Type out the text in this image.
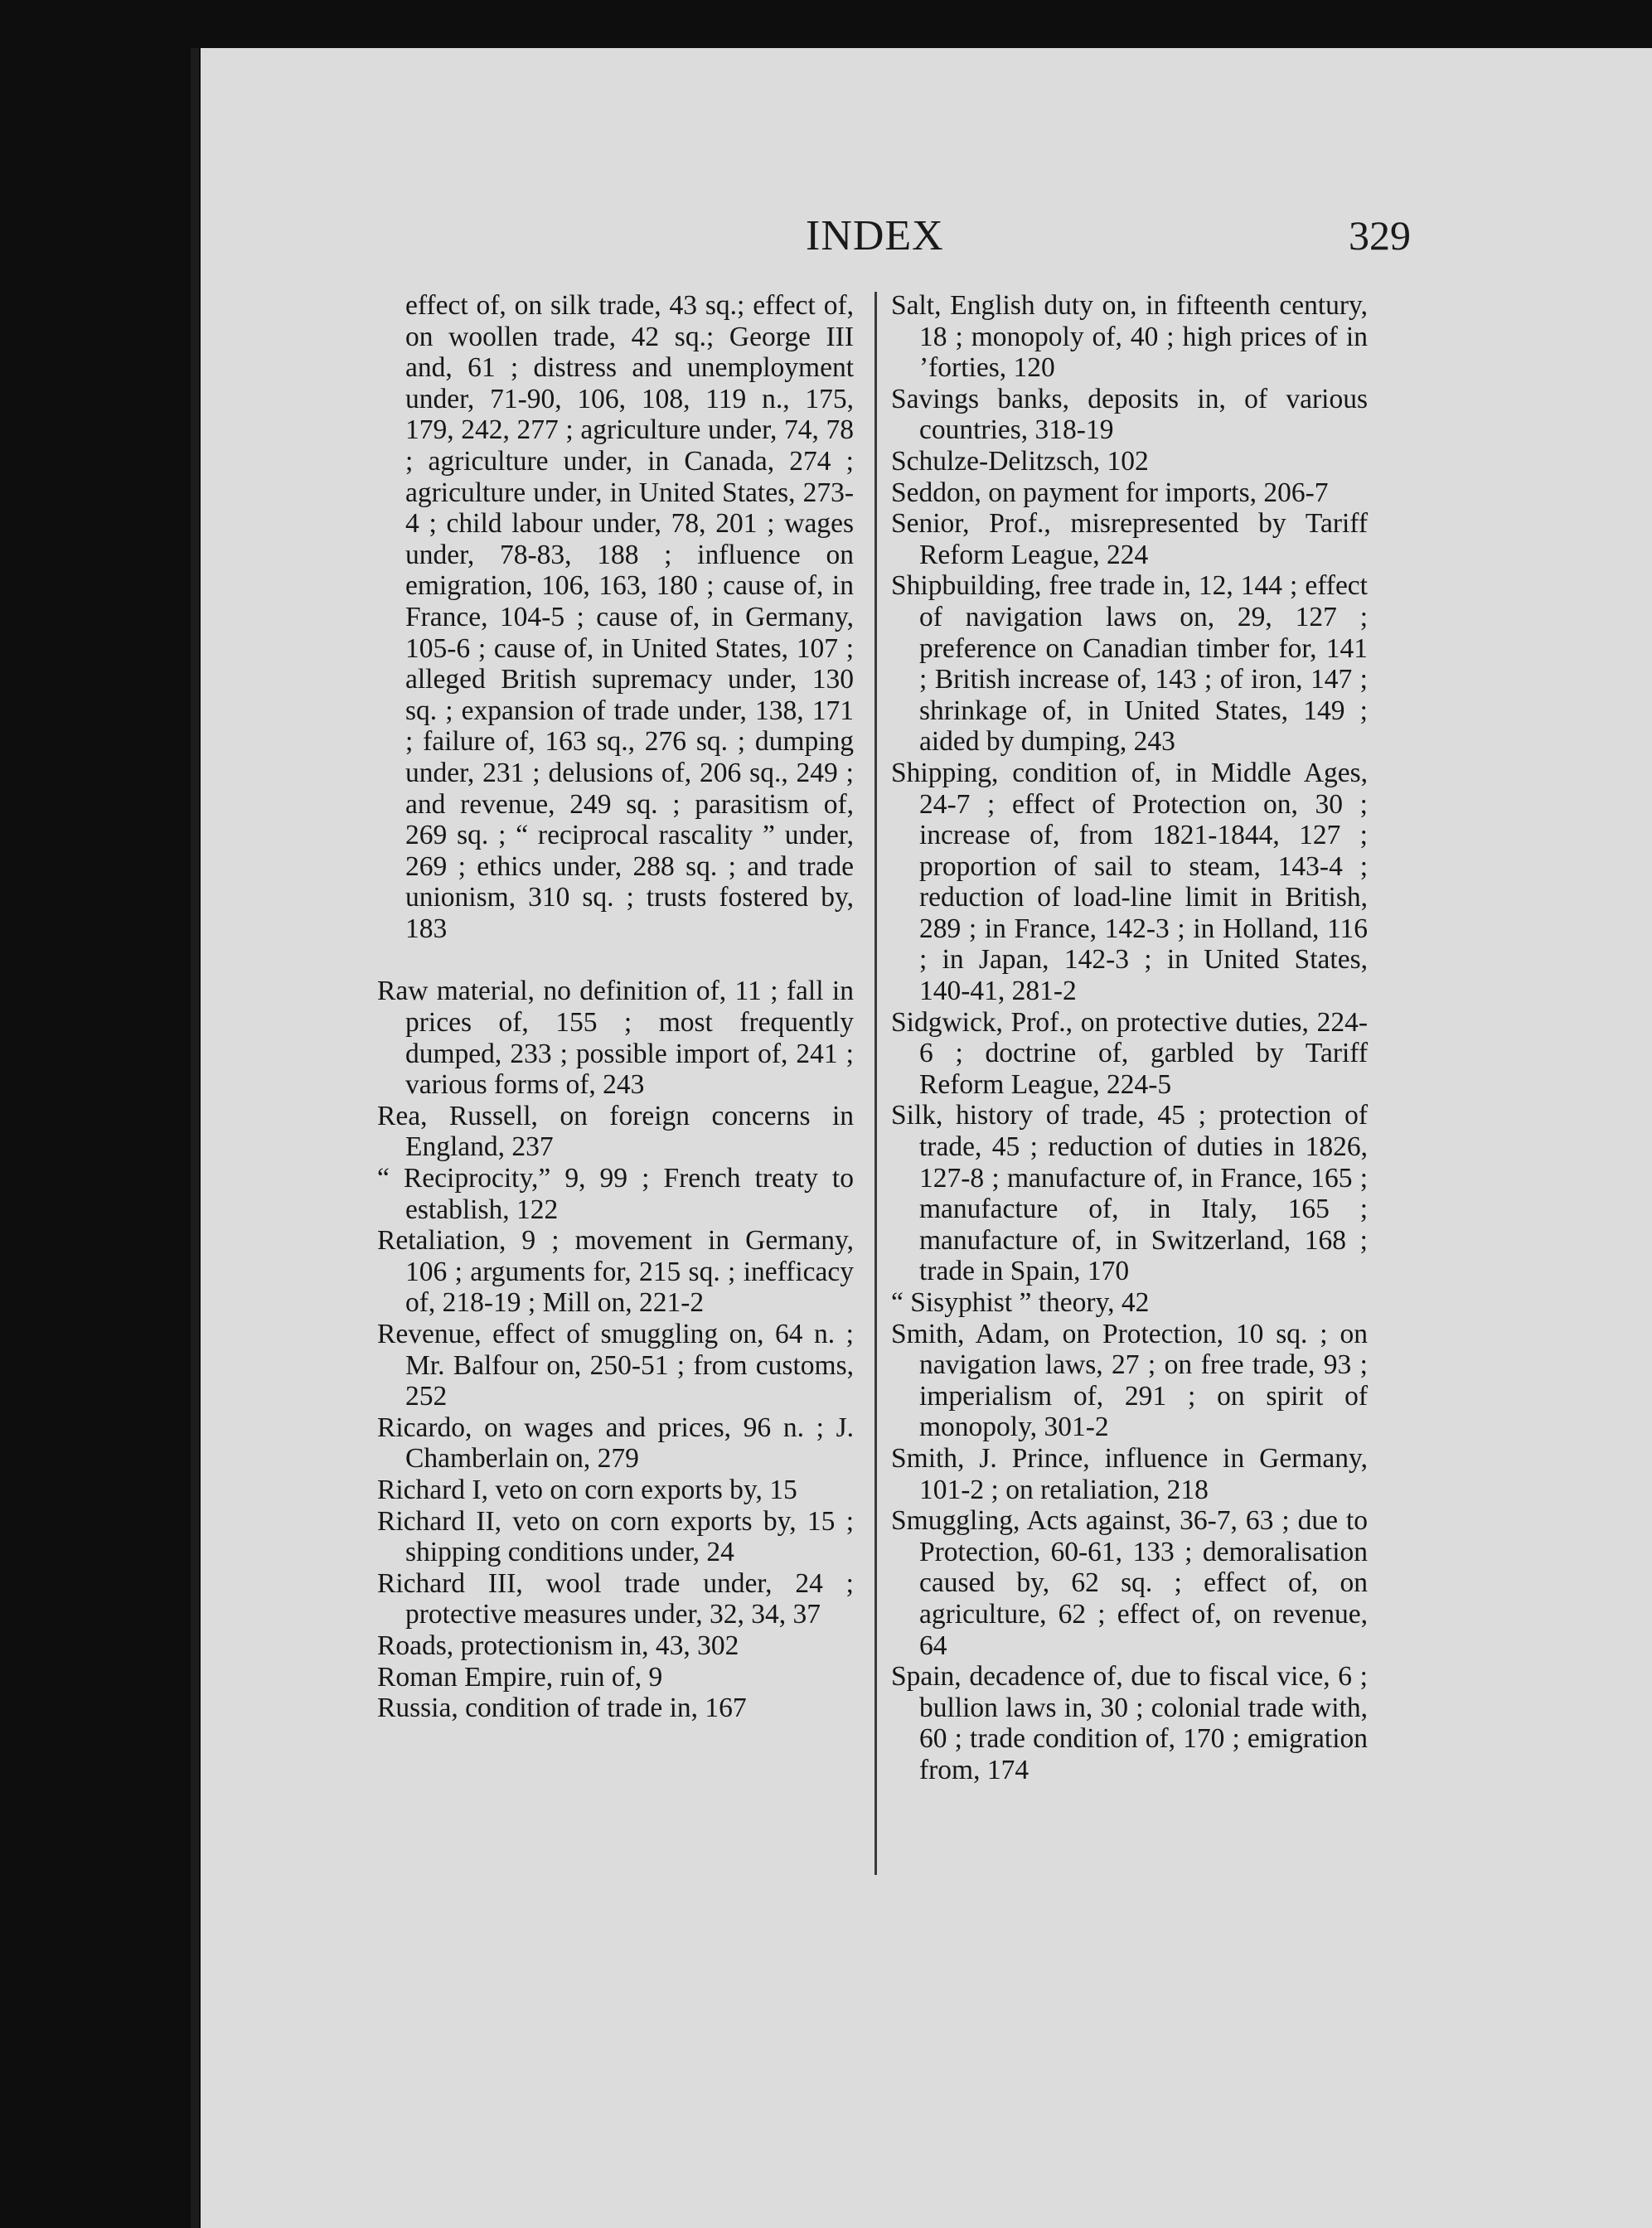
INDEX	329

effect of, on silk trade, 43 sq.; effect of, on woollen trade, 42 sq.; George III and, 61 ; distress and unemployment under, 71-90, 106, 108, 119 n., 175, 179, 242, 277 ; agriculture under, 74, 78 ; agriculture under, in Canada, 274 ; agriculture under, in United States, 273-4 ; child labour under, 78, 201 ; wages under, 78-83, 188 ; influence on emigration, 106, 163, 180 ; cause of, in France, 104-5 ; cause of, in Germany, 105-6 ; cause of, in United States, 107 ; alleged British supremacy under, 130 sq. ; expansion of trade under, 138, 171 ; failure of, 163 sq., 276 sq. ; dumping under, 231 ; delusions of, 206 sq., 249 ; and revenue, 249 sq. ; parasitism of, 269 sq. ; “ reciprocal rascality ” under, 269 ; ethics under, 288 sq. ; and trade unionism, 310 sq. ; trusts fostered by, 183

Raw material, no definition of, 11 ; fall in prices of, 155 ; most frequently dumped, 233 ; possible import of, 241 ; various forms of, 243

Rea, Russell, on foreign concerns in England, 237

“ Reciprocity,” 9, 99 ; French treaty to establish, 122

Retaliation, 9 ; movement in Germany, 106 ; arguments for, 215 sq. ; inefficacy of, 218-19 ; Mill on, 221-2

Revenue, effect of smuggling on, 64 n. ; Mr. Balfour on, 250-51 ; from customs, 252

Ricardo, on wages and prices, 96 n. ; J. Chamberlain on, 279

Richard I, veto on corn exports by, 15

Richard II, veto on corn exports by, 15 ; shipping conditions under, 24

Richard III, wool trade under, 24 ; protective measures under, 32, 34, 37

Roads, protectionism in, 43, 302

Roman Empire, ruin of, 9

Russia, condition of trade in, 167

Salt, English duty on, in fifteenth century, 18 ; monopoly of, 40 ; high prices of in ’forties, 120

Savings banks, deposits in, of various countries, 318-19

Schulze-Delitzsch, 102

Seddon, on payment for imports, 206-7

Senior, Prof., misrepresented by Tariff Reform League, 224

Shipbuilding, free trade in, 12, 144 ; effect of navigation laws on, 29, 127 ; preference on Canadian timber for, 141 ; British increase of, 143 ; of iron, 147 ; shrinkage of, in United States, 149 ; aided by dumping, 243

Shipping, condition of, in Middle Ages, 24-7 ; effect of Protection on, 30 ; increase of, from 1821-1844, 127 ; proportion of sail to steam, 143-4 ; reduction of load-line limit in British, 289 ; in France, 142-3 ; in Holland, 116 ; in Japan, 142-3 ; in United States, 140-41, 281-2

Sidgwick, Prof., on protective duties, 224-6 ; doctrine of, garbled by Tariff Reform League, 224-5

Silk, history of trade, 45 ; protection of trade, 45 ; reduction of duties in 1826, 127-8 ; manufacture of, in France, 165 ; manufacture of, in Italy, 165 ; manufacture of, in Switzerland, 168 ; trade in Spain, 170

“ Sisyphist ” theory, 42

Smith, Adam, on Protection, 10 sq. ; on navigation laws, 27 ; on free trade, 93 ; imperialism of, 291 ; on spirit of monopoly, 301-2

Smith, J. Prince, influence in Germany, 101-2 ; on retaliation, 218

Smuggling, Acts against, 36-7, 63 ; due to Protection, 60-61, 133 ; demoralisation caused by, 62 sq. ; effect of, on agriculture, 62 ; effect of, on revenue, 64

Spain, decadence of, due to fiscal vice, 6 ; bullion laws in, 30 ; colonial trade with, 60 ; trade condition of, 170 ; emigration from, 174
